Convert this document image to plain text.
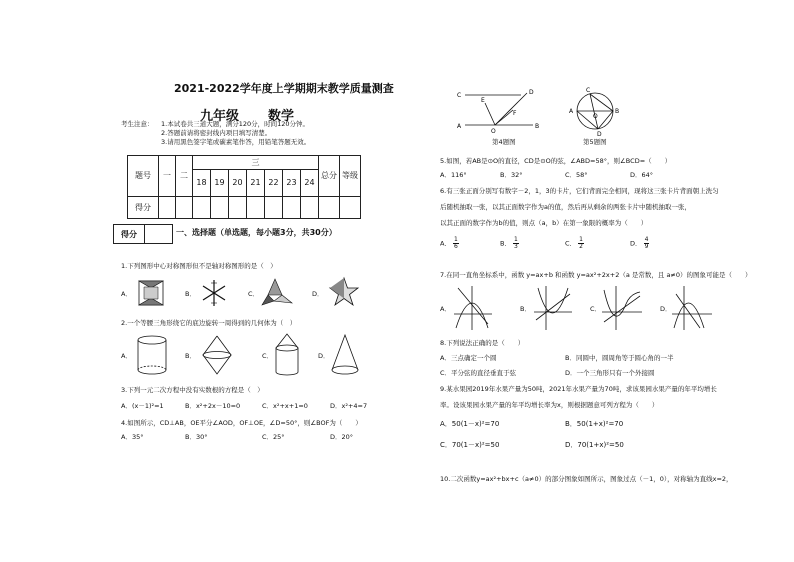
2021-2022学年度上学期期末教学质量测查
九年级 数学
考生注意： 1.本试卷共三道大题，满分120分，时间120分钟。
2.答题前请将密封线内项目填写清楚。
3.请用黑色签字笔或碳素笔作答，用铅笔答题无效。
题号	一	二	三							总分	等级
			18	19	20	21	22	23	24		
得分											
得分	一、选择题（单选题，每小题3分，共30分）
1.下列图形中心对称图形但不是轴对称图形的是（　）
A．	B．	C．	D．
2.一个等腰三角形绕它的底边旋转一周得到的几何体为（　）
A．	B．	C．	D．
3.下列一元二次方程中没有实数根的方程是（　）
A．(x－1)²=1	B．x²+2x－10=0	C．x²+x+1=0	D．x²+4=7
4.如图所示，CD⊥AB，OE平分∠AOD，OF⊥OE，∠D=50°，则∠BOF为（　　）
A．35°	B．30°	C．25°	D．20°
C
E
A
O
B
F
D
第4题图
A	B
O
C
D
第5题图
5.如图，若AB是⊙O的直径，CD是⊙O的弦，∠ABD=58°，则∠BCD=（　　）
A．116°	B．32°	C．58°	D．64°
6.有三张正面分别写有数字－2，1，3的卡片，它们背面完全相同，现将这三张卡片背面朝上洗匀
后随机抽取一张，以其正面数字作为a的值，然后再从剩余的两张卡片中随机抽取一张，
以其正面的数字作为b的值，则点（a，b）在第一象限的概率为（　　）
A． $\frac{1}{6}$	B． $\frac{1}{3}$	C． $\frac{1}{2}$	D． $\frac{4}{9}$
7.在同一直角坐标系中，函数 y=ax+b 和函数 y=ax²+2x+2（a 是常数，且 a≠0）的图象可能是（　　）
A．	B．	C．	D．
8.下列说法正确的是（　　）
A．三点确定一个圆	B．同圆中，圆周角等于圆心角的一半
C．平分弦的直径垂直于弦	D．一个三角形只有一个外接圆
9.某水果园2019年水果产量为50吨，2021年水果产量为70吨，求该果园水果产量的年平均增长
率。设该果园水果产量的年平均增长率为x，则根据题意可列方程为（　　）
A．50(1－x)²=70	B．50(1+x)²=70
C．70(1－x)²=50	D．70(1+x)²=50
10.二次函数y=ax²+bx+c（a≠0）的部分图象如图所示，图象过点（－1，0），对称轴为直线x=2，
